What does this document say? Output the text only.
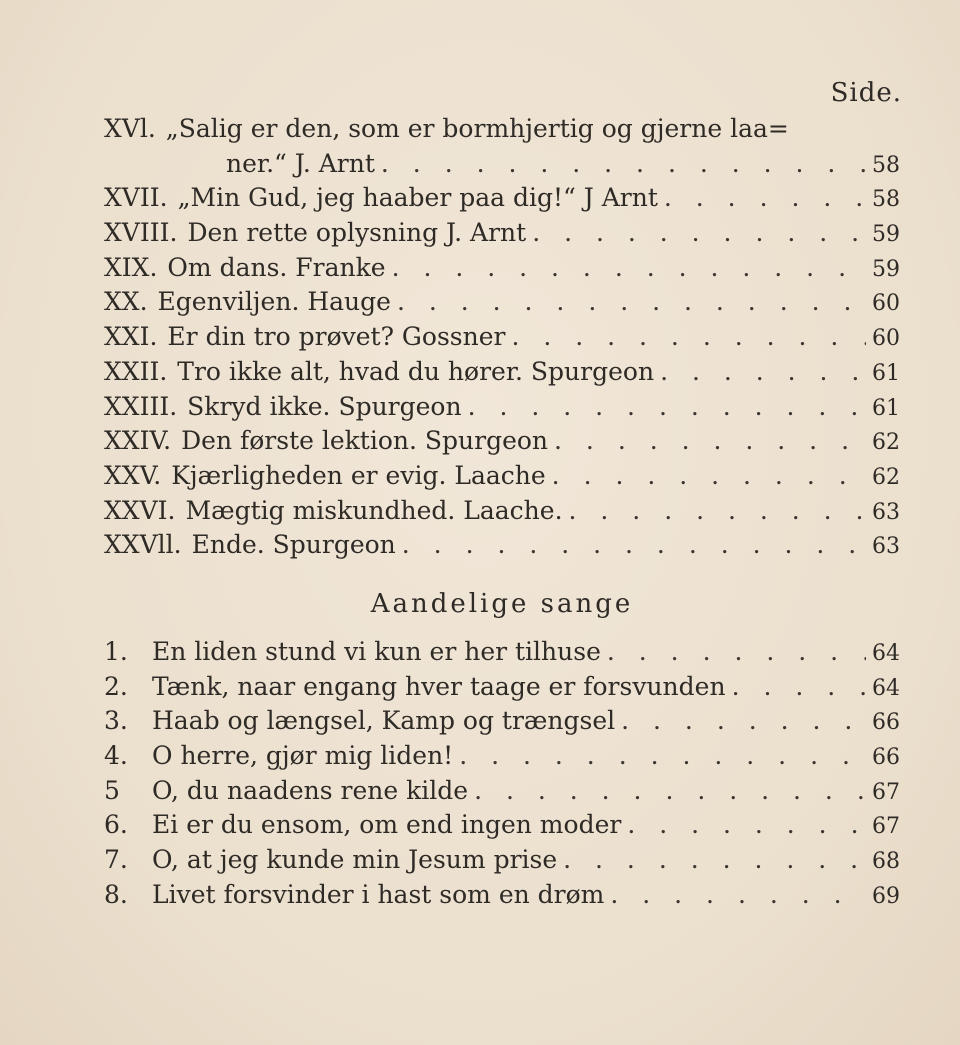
Side.
XVl. „Salig er den, som er bormhjertig og gjerne laa=
ner.“ J. Arnt . . .	58
XVII. „Min Gud, jeg haaber paa dig!“ J Arnt . . .	58
XVIII. Den rette oplysning J. Arnt . . .	59
XIX. Om dans. Franke . . .	59
XX. Egenviljen. Hauge . . .	60
XXI. Er din tro prøvet? Gossner . . .	60
XXII. Tro ikke alt, hvad du hører. Spurgeon . . .	61
XXIII. Skryd ikke. Spurgeon . . .	61
XXIV. Den første lektion. Spurgeon . . .	62
XXV. Kjærligheden er evig. Laache . . .	62
XXVI. Mægtig miskundhed. Laache. . . .	63
XXVll. Ende. Spurgeon . . .	63
Aandelige sange
1. En liden stund vi kun er her tilhuse . . .	64
2. Tænk, naar engang hver taage er forsvunden . . .	64
3. Haab og længsel, Kamp og trængsel . . .	66
4. O herre, gjør mig liden! . . .	66
5	O, du naadens rene kilde . . .	67
6. Ei er du ensom, om end ingen moder . . .	67
7. O, at jeg kunde min Jesum prise . . .	68
8. Livet forsvinder i hast som en drøm . . .	69
